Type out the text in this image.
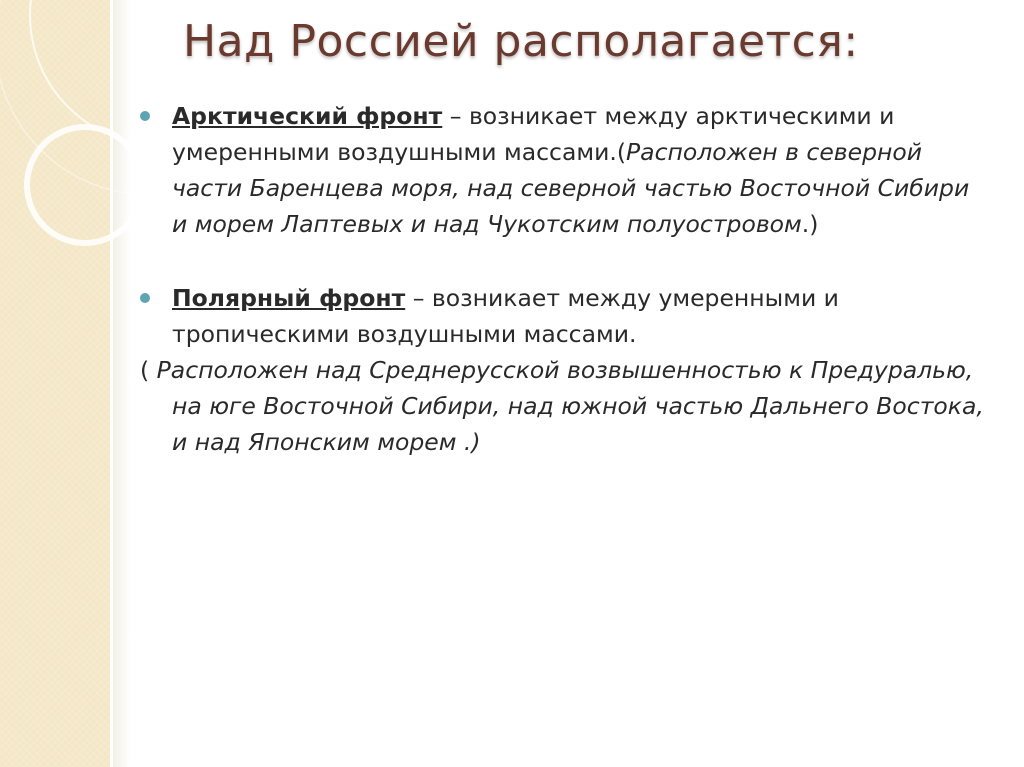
Над Россией располагается:
Арктический фронт – возникает между арктическими и умеренными воздушными массами.(Расположен в северной части Баренцева моря, над северной частью Восточной Сибири и морем Лаптевых и над Чукотским полуостровом.)
Полярный фронт – возникает между умеренными и тропическими воздушными массами.
( Расположен над Среднерусской возвышенностью к Предуралью, на юге Восточной Сибири, над южной частью Дальнего Востока, и над Японским морем .)
